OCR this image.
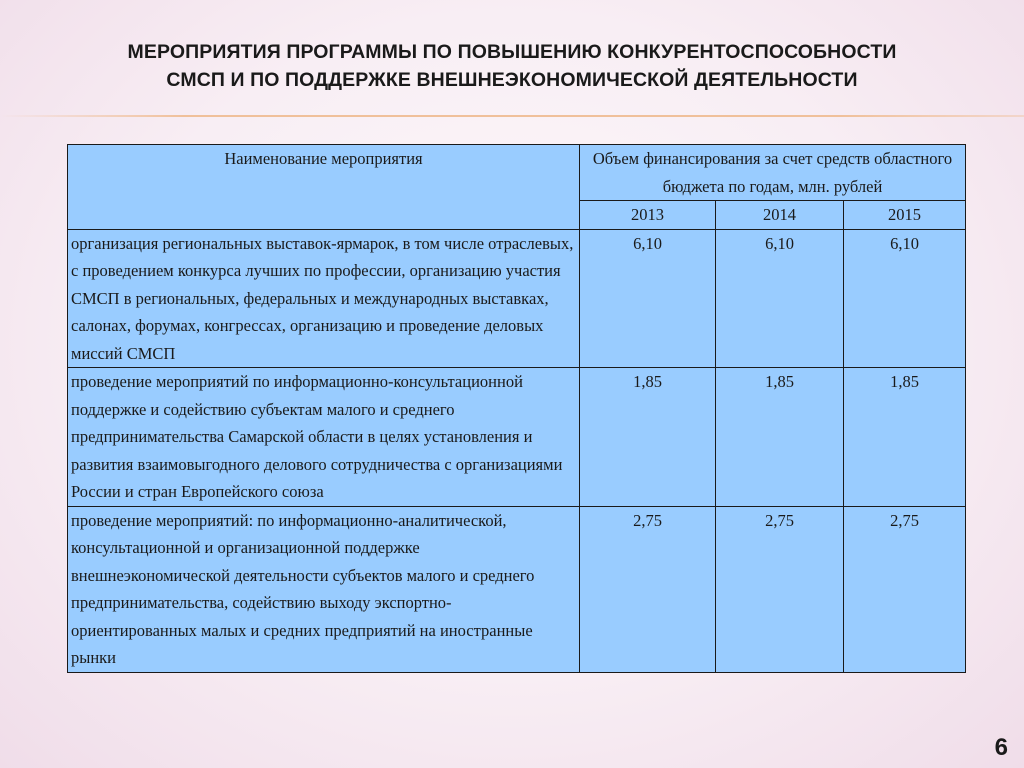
МЕРОПРИЯТИЯ ПРОГРАММЫ ПО ПОВЫШЕНИЮ КОНКУРЕНТОСПОСОБНОСТИ
СМСП И ПО ПОДДЕРЖКЕ ВНЕШНЕЭКОНОМИЧЕСКОЙ ДЕЯТЕЛЬНОСТИ
Наименование мероприятия	Объем финансирования за счет средств областного бюджета по годам, млн. рублей		
	2013	2014	2015
организация региональных выставок-ярмарок, в том числе отраслевых, с проведением конкурса лучших по профессии, организацию участия СМСП в региональных, федеральных и международных выставках, салонах, форумах, конгрессах, организацию и проведение деловых миссий СМСП	6,10	6,10	6,10
проведение мероприятий по информационно-консультационной поддержке и содействию субъектам малого и среднего предпринимательства Самарской области в целях установления и развития взаимовыгодного делового сотрудничества с организациями России и стран Европейского союза	1,85	1,85	1,85
проведение мероприятий: по информационно-аналитической, консультационной и организационной поддержке внешнеэкономической деятельности субъектов малого и среднего предпринимательства, содействию выходу экспортно-ориентированных малых и средних предприятий на иностранные рынки	2,75	2,75	2,75
6
